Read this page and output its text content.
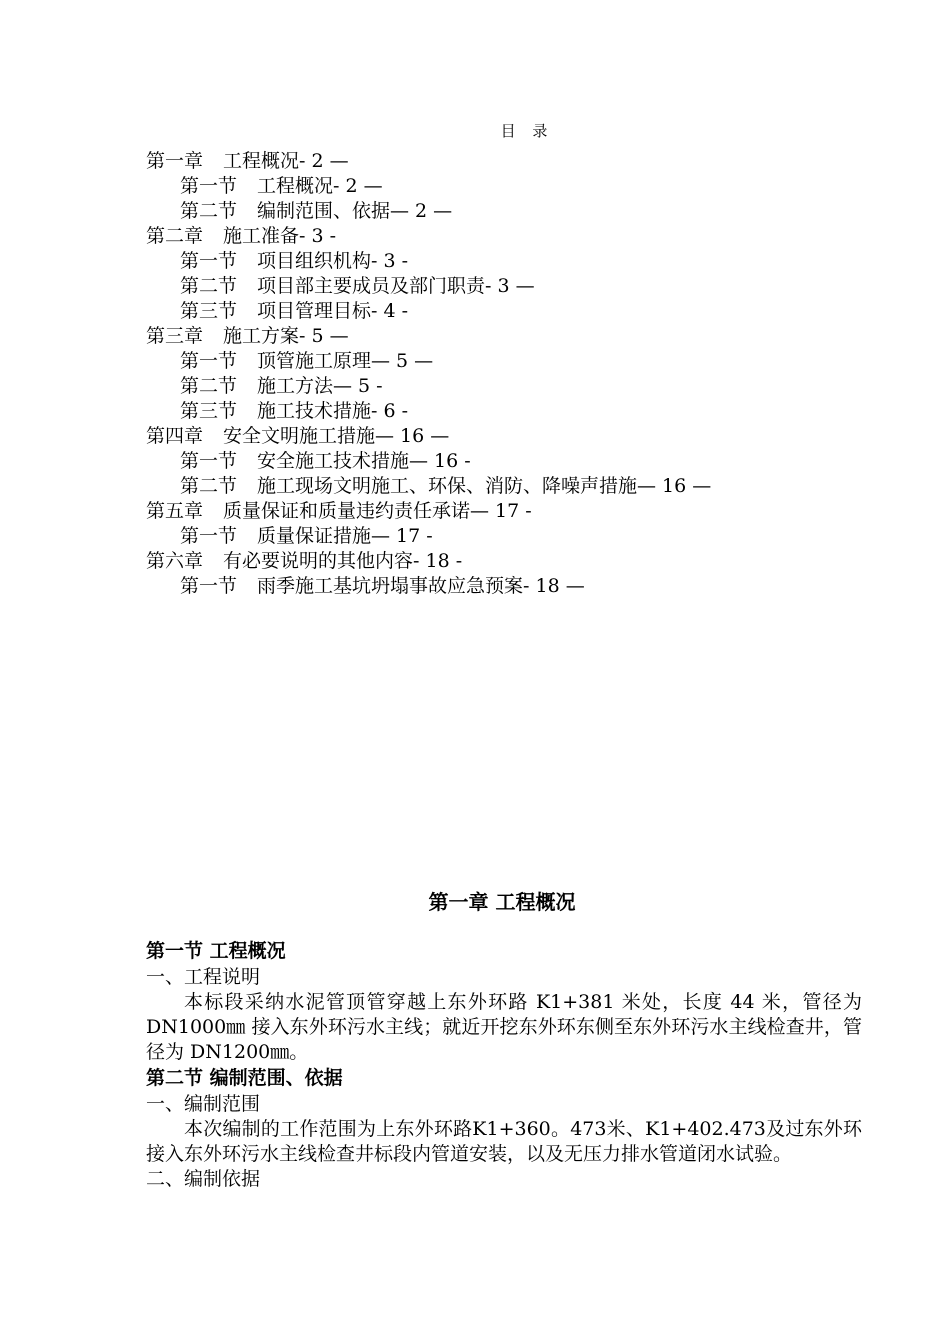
目 录
第一章 工程概况- 2 —
第一节 工程概况- 2 —
第二节 编制范围、依据— 2 —
第二章 施工准备- 3 -
第一节 项目组织机构- 3 -
第二节 项目部主要成员及部门职责- 3 —
第三节 项目管理目标- 4 -
第三章 施工方案- 5 —
第一节 顶管施工原理— 5 —
第二节 施工方法— 5 -
第三节 施工技术措施- 6 -
第四章 安全文明施工措施— 16 —
第一节 安全施工技术措施— 16 -
第二节 施工现场文明施工、环保、消防、降噪声措施— 16 —
第五章 质量保证和质量违约责任承诺— 17 -
第一节 质量保证措施— 17 -
第六章 有必要说明的其他内容- 18 -
第一节 雨季施工基坑坍塌事故应急预案- 18 —
第一章 工程概况
第一节 工程概况
一、工程说明

本标段采纳水泥管顶管穿越上东外环路 K1+381 米处，长度 44 米，管径为 DN1000㎜ 接入东外环污水主线；就近开挖东外环东侧至东外环污水主线检查井，管径为 DN1200㎜。

第二节 编制范围、依据
一、编制范围

本次编制的工作范围为上东外环路K1+360。473米、K1+402.473及过东外环接入东外环污水主线检查井标段内管道安装，以及无压力排水管道闭水试验。

二、编制依据
